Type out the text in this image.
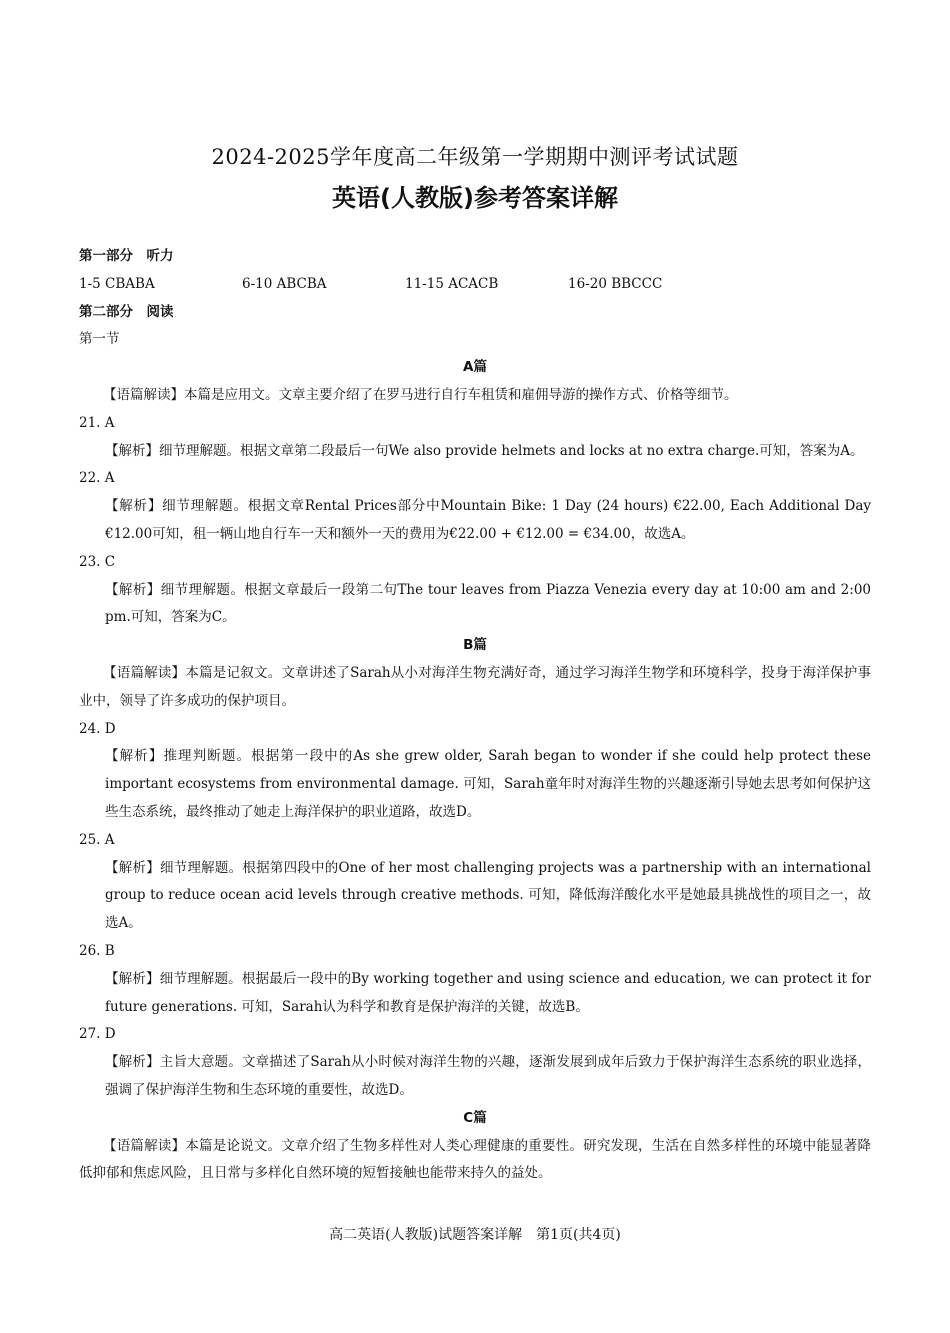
2024-2025学年度高二年级第一学期期中测评考试试题
英语(人教版)参考答案详解
第一部分　听力
1-5 CBABA	6-10 ABCBA	11-15 ACACB	16-20 BBCCC
第二部分　阅读
第一节
A篇
【语篇解读】本篇是应用文。文章主要介绍了在罗马进行自行车租赁和雇佣导游的操作方式、价格等细节。
21. A
【解析】细节理解题。根据文章第二段最后一句We also provide helmets and locks at no extra charge.可知，答案为A。
22. A
【解析】细节理解题。根据文章Rental Prices部分中Mountain Bike: 1 Day (24 hours) €22.00, Each Additional Day €12.00可知，租一辆山地自行车一天和额外一天的费用为€22.00 + €12.00 = €34.00，故选A。
23. C
【解析】细节理解题。根据文章最后一段第二句The tour leaves from Piazza Venezia every day at 10:00 am and 2:00 pm.可知，答案为C。
B篇
【语篇解读】本篇是记叙文。文章讲述了Sarah从小对海洋生物充满好奇，通过学习海洋生物学和环境科学，投身于海洋保护事业中，领导了许多成功的保护项目。
24. D
【解析】推理判断题。根据第一段中的As she grew older, Sarah began to wonder if she could help protect these important ecosystems from environmental damage. 可知，Sarah童年时对海洋生物的兴趣逐渐引导她去思考如何保护这些生态系统，最终推动了她走上海洋保护的职业道路，故选D。
25. A
【解析】细节理解题。根据第四段中的One of her most challenging projects was a partnership with an international group to reduce ocean acid levels through creative methods. 可知，降低海洋酸化水平是她最具挑战性的项目之一，故选A。
26. B
【解析】细节理解题。根据最后一段中的By working together and using science and education, we can protect it for future generations. 可知，Sarah认为科学和教育是保护海洋的关键，故选B。
27. D
【解析】主旨大意题。文章描述了Sarah从小时候对海洋生物的兴趣，逐渐发展到成年后致力于保护海洋生态系统的职业选择，强调了保护海洋生物和生态环境的重要性，故选D。
C篇
【语篇解读】本篇是论说文。文章介绍了生物多样性对人类心理健康的重要性。研究发现，生活在自然多样性的环境中能显著降低抑郁和焦虑风险，且日常与多样化自然环境的短暂接触也能带来持久的益处。
高二英语(人教版)试题答案详解　第1页(共4页)
